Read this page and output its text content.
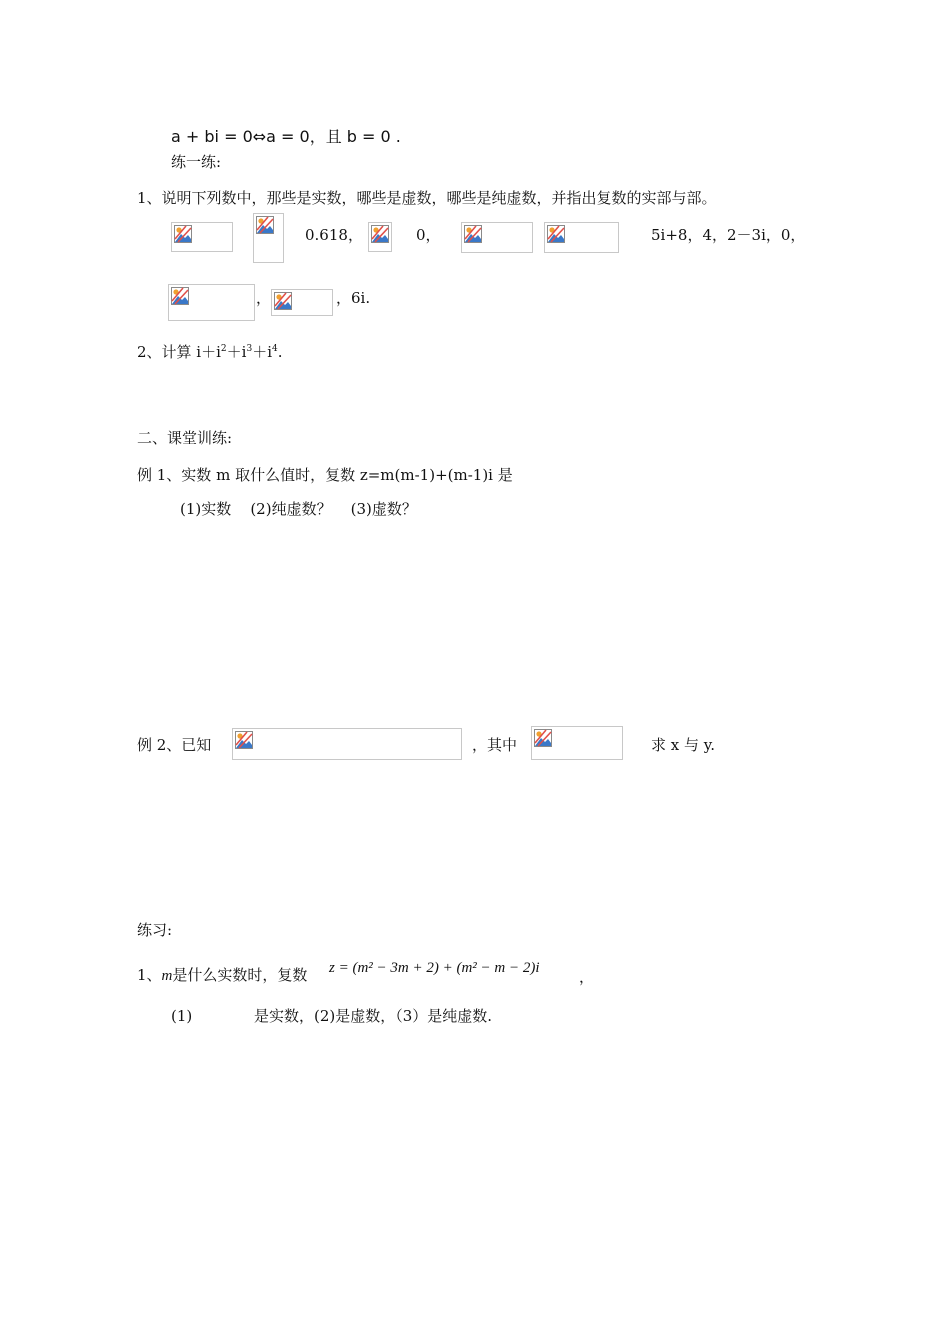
a + bi = 0⇔a = 0，且 b = 0 .
练一练:
1、说明下列数中，那些是实数，哪些是虚数，哪些是纯虚数，并指出复数的实部与部。
0.618，	0，	5i+8，4，2－3i，0，
，	，6i.
2、计算 $i+i^2+i^3+i^4$.
二、课堂训练:
例 1、实数 m 取什么值时，复数 z=m(m-1)+(m-1)i 是
(1)实数    (2)纯虚数？    (3)虚数？
例 2、已知	，其中	求 x 与 y.
练习:
1、m是什么实数时，复数 z = (m² − 3m + 2) + (m² − m − 2)i	，
(1)	是实数，(2)是虚数，（3）是纯虚数.
